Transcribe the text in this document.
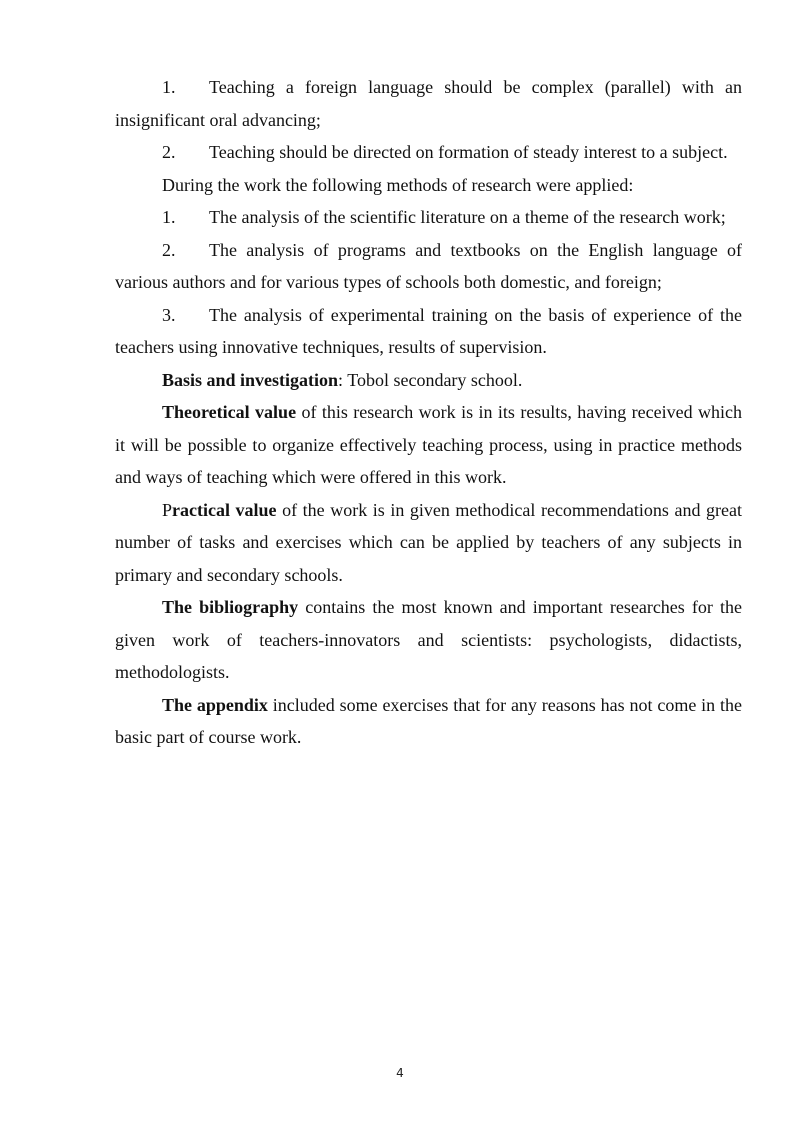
1. Teaching a foreign language should be complex (parallel) with an insignificant oral advancing;

2. Teaching should be directed on formation of steady interest to a subject.

During the work the following methods of research were applied:

1. The analysis of the scientific literature on a theme of the research work;

2. The analysis of programs and textbooks on the English language of various authors and for various types of schools both domestic, and foreign;

3. The analysis of experimental training on the basis of experience of the teachers using innovative techniques, results of supervision.

Basis and investigation: Tobol secondary school.

Theoretical value of this research work is in its results, having received which it will be possible to organize effectively teaching process, using in practice methods and ways of teaching which were offered in this work.

Practical value of the work is in given methodical recommendations and great number of tasks and exercises which can be applied by teachers of any subjects in primary and secondary schools.

The bibliography contains the most known and important researches for the given work of teachers-innovators and scientists: psychologists, didactists, methodologists.

The appendix included some exercises that for any reasons has not come in the basic part of course work.

4
